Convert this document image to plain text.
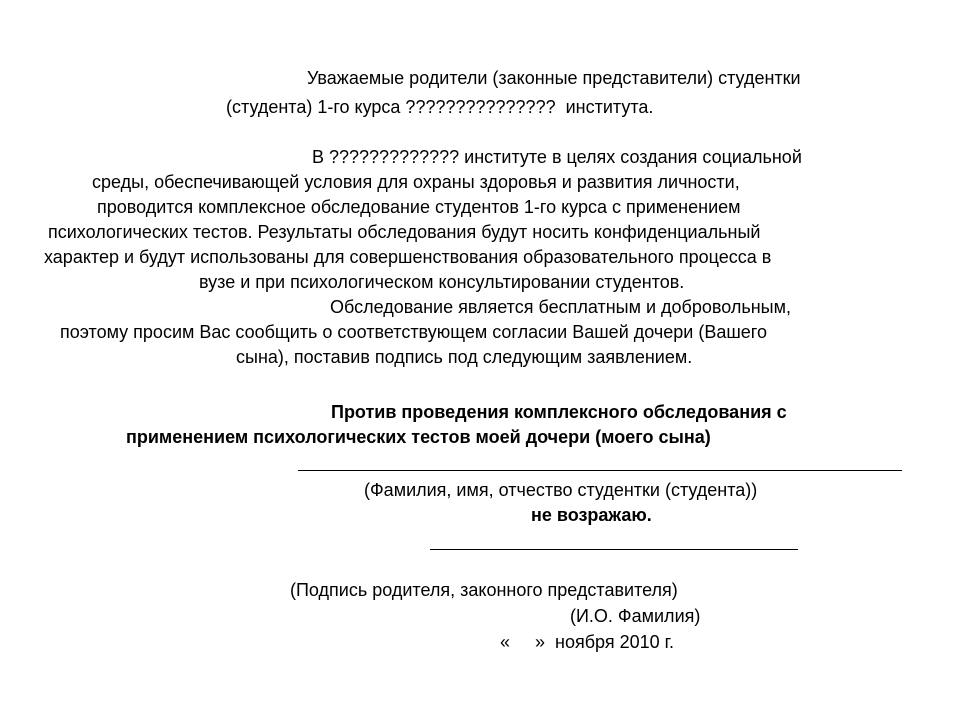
Уважаемые родители (законные представители) студентки

(студента) 1-го курса ???????????????  института.

В ????????????? институте в целях создания социальной

среды, обеспечивающей условия для охраны здоровья и развития личности,

проводится комплексное обследование студентов 1-го курса с применением

психологических тестов. Результаты обследования будут носить конфиденциальный

характер и будут использованы для совершенствования образовательного процесса в

вузе и при психологическом консультировании студентов.

Обследование является бесплатным и добровольным,

поэтому просим Вас сообщить о соответствующем согласии Вашей дочери (Вашего

сына), поставив подпись под следующим заявлением.

Против проведения комплексного обследования с

применением психологических тестов моей дочери (моего сына)

(Фамилия, имя, отчество студентки (студента))

не возражаю.

(Подпись родителя, законного представителя)

(И.О. Фамилия)

«     »  ноября 2010 г.
